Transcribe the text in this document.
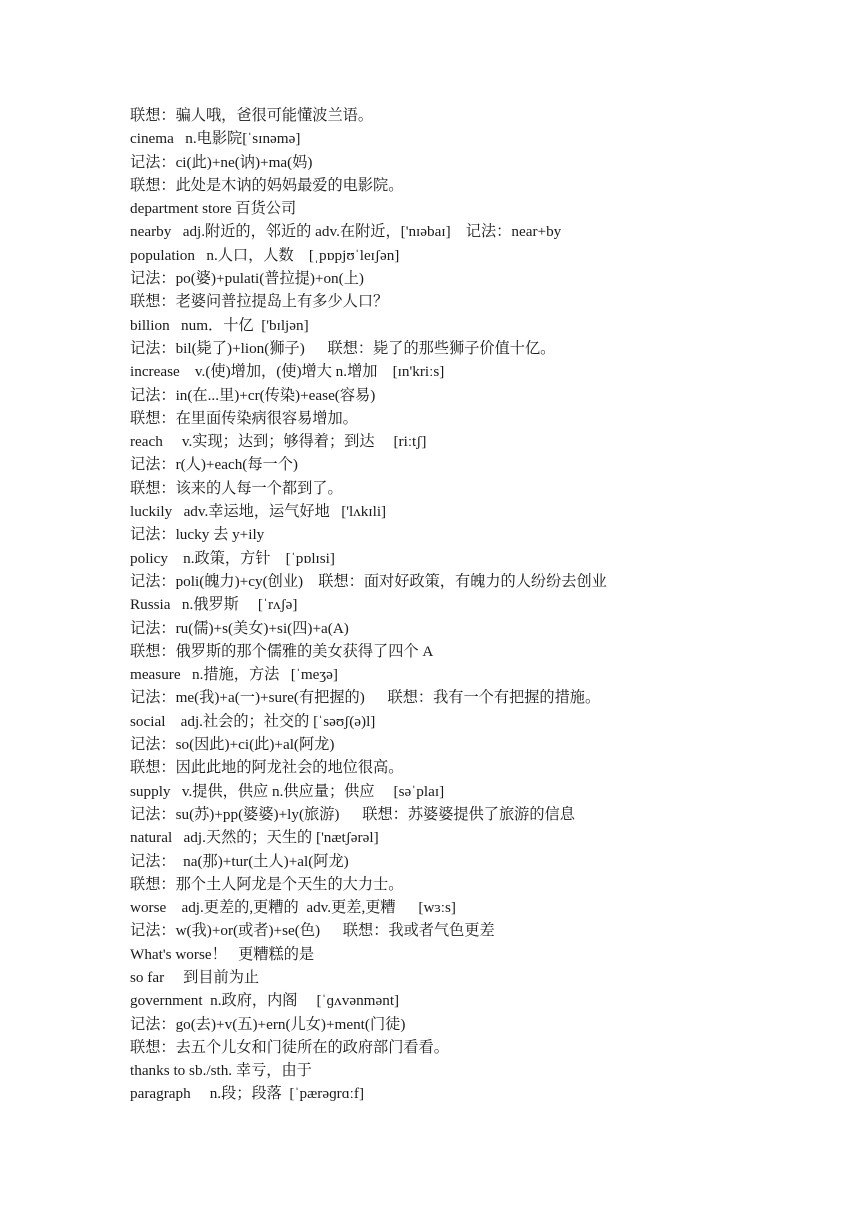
联想：骗人哦，爸很可能懂波兰语。
cinema   n.电影院[ˈsɪnəmə]
记法：ci(此)+ne(讷)+ma(妈)
联想：此处是木讷的妈妈最爱的电影院。
department store 百货公司
nearby   adj.附近的，邻近的 adv.在附近，['nɪəbaɪ]    记法：near+by
population   n.人口，人数    [ˌpɒpjʊˈleɪʃən]
记法：po(婆)+pulati(普拉提)+on(上)
联想：老婆问普拉提岛上有多少人口？
billion   num．十亿  ['bɪljən]
记法：bil(毙了)+lion(狮子)      联想：毙了的那些狮子价值十亿。
increase    v.(使)增加，(使)增大 n.增加    [ɪn'kriːs]
记法：in(在...里)+cr(传染)+ease(容易)
联想：在里面传染病很容易增加。
reach     v.实现；达到；够得着；到达     [riːtʃ]
记法：r(人)+each(每一个)
联想：该来的人每一个都到了。
luckily   adv.幸运地，运气好地   ['lʌkɪli]
记法：lucky 去 y+ily
policy    n.政策，方针    [ˈpɒlɪsi]
记法：poli(魄力)+cy(创业)    联想：面对好政策，有魄力的人纷纷去创业
Russia   n.俄罗斯     [ˈrʌʃə]
记法：ru(儒)+s(美女)+si(四)+a(A)
联想：俄罗斯的那个儒雅的美女获得了四个 A
measure   n.措施，方法   [ˈmeʒə]
记法：me(我)+a(一)+sure(有把握的)      联想：我有一个有把握的措施。
social    adj.社会的；社交的 [ˈsəʊʃ(ə)l]
记法：so(因此)+ci(此)+al(阿龙)
联想：因此此地的阿龙社会的地位很高。
supply   v.提供，供应 n.供应量；供应     [səˈplaɪ]
记法：su(苏)+pp(婆婆)+ly(旅游)      联想：苏婆婆提供了旅游的信息
natural   adj.天然的；天生的 ['nætʃərəl]
记法：  na(那)+tur(土人)+al(阿龙)
联想：那个土人阿龙是个天生的大力士。
worse    adj.更差的,更糟的  adv.更差,更糟      [wɜːs]
记法：w(我)+or(或者)+se(色)      联想：我或者气色更差
What's worse！   更糟糕的是
so far     到目前为止
government  n.政府，内阁     [ˈɡʌvənmənt]
记法：go(去)+v(五)+ern(儿女)+ment(门徒)
联想：去五个儿女和门徒所在的政府部门看看。
thanks to sb./sth. 幸亏，由于
paragraph     n.段；段落  [ˈpærəɡrɑːf]
